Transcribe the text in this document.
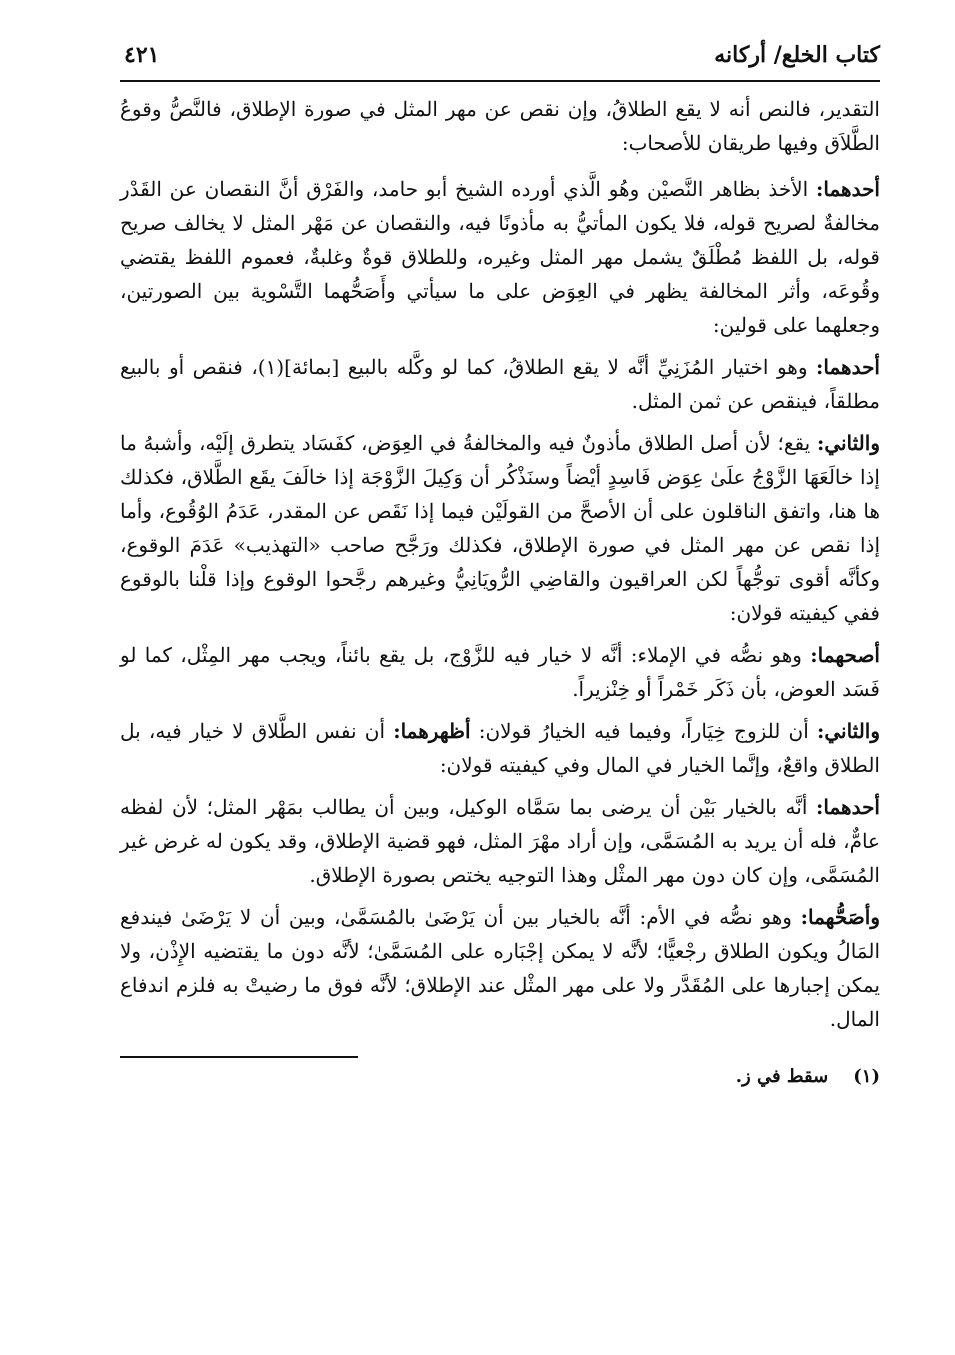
كتاب الخلع/ أركانه
٤٢١

التقدير، فالنص أنه لا يقع الطلاقُ، وإن نقص عن مهر المثل في صورة الإطلاق، فالنَّصُّ وقوعُ الطَّلاَق وفيها طريقان للأصحاب:

أحدهما: الأخذ بظاهر النَّصيْن وهُو الَّذي أورده الشيخ أبو حامد، والفَرْق أنَّ النقصان عن القَدْر مخالفةٌ لصريح قوله، فلا يكون المأتيُّ به مأذونًا فيه، والنقصان عن مَهْر المثل لا يخالف صريح قوله، بل اللفظ مُطْلَقٌ يشمل مهر المثل وغيره، وللطلاق قوةٌ وغلبةٌ، فعموم اللفظ يقتضي وقُوعَه، وأثر المخالفة يظهر في العِوَض على ما سيأتي وأَصَحُّهما التَّسْوية بين الصورتين، وجعلهما على قولين:

أحدهما: وهو اختيار المُزَنِيِّ أنَّه لا يقع الطلاقُ، كما لو وكَّله بالبيع [بمائة](١)، فنقص أو بالبيع مطلقاً، فينقص عن ثمن المثل.

والثاني: يقع؛ لأن أصل الطلاق مأذونٌ فيه والمخالفةُ في العِوَض، كفَسَاد يتطرق إلَيْه، وأشبهُ ما إذا خالَعَهَا الزَّوْجُ علَىٰ عِوَض فَاسِدٍ أيْضاً وسنَذْكُر أن وَكِيلَ الزَّوْجَة إذا خالَفَ يقَع الطَّلاق، فكذلك ها هنا، واتفق الناقلون على أن الأصحَّ من القولَيْن فيما إذا نَقَص عن المقدر، عَدَمُ الوُقُوع، وأما إذا نقص عن مهر المثل في صورة الإطلاق، فكذلك ورَجَّح صاحب «التهذيب» عَدَمَ الوقوع، وكأنَّه أقوى توجُّهاً لكن العراقيون والقاضِي الرُّويَانِيُّ وغيرهم رجَّحوا الوقوع وإذا قلْنا بالوقوع ففي كيفيته قولان:

أصحهما: وهو نصُّه في الإملاء: أنَّه لا خيار فيه للزَّوْج، بل يقع بائناً، ويجب مهر المِثْل، كما لو فَسَد العوض، بأن ذَكَر خَمْراً أو خِنْزيراً.

والثاني: أن للزوج خِيَاراً، وفيما فيه الخيارُ قولان: أظهرهما: أن نفس الطَّلاق لا خيار فيه، بل الطلاق واقعٌ، وإنَّما الخيار في المال وفي كيفيته قولان:

أحدهما: أنَّه بالخيار بَيْن أن يرضى بما سَمَّاه الوكيل، وبين أن يطالب بمَهْر المثل؛ لأن لفظه عامٌّ، فله أن يريد به المُسَمَّى، وإن أراد مهْرَ المثل، فهو قضية الإطلاق، وقد يكون له غرض غير المُسَمَّى، وإن كان دون مهر المثْل وهذا التوجيه يختص بصورة الإطلاق.

وأصَحُّهما: وهو نصُّه في الأم: أنَّه بالخيار بين أن يَرْضَىٰ بالمُسَمَّىٰ، وبين أن لا يَرْضَىٰ فيندفع المَالُ ويكون الطلاق رجْعيًّا؛ لأنَّه لا يمكن إجْبَاره على المُسَمَّىٰ؛ لأنَّه دون ما يقتضيه الإِذْن، ولا يمكن إجبارها على المُقَدَّر ولا على مهر المثْل عند الإطلاق؛ لأنَّه فوق ما رضيتْ به فلزم اندفاع المال.

(١)    سقط في ز.
